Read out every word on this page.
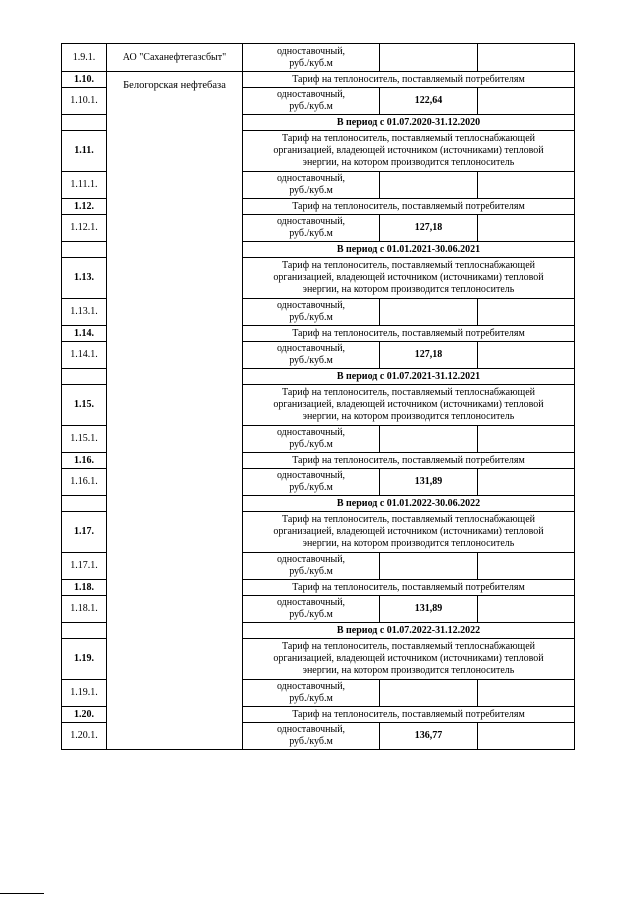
1.9.1.	АО "Саханефтегазсбыт"	одноставочный,
руб./куб.м		

1.10.	Белогорская нефтебаза	Тариф на теплоноситель, поставляемый потребителям		
1.10.1.		одноставочный,
руб./куб.м	122,64	
		В период с 01.07.2020-31.12.2020		
1.11.		Тариф на теплоноситель, поставляемый теплоснабжающей
организацией, владеющей источником (источниками) тепловой
энергии, на котором производится теплоноситель		

1.11.1.		одноставочный,
руб./куб.м		

1.12.		Тариф на теплоноситель, поставляемый потребителям		
1.12.1.		одноставочный,
руб./куб.м	127,18	
		В период с 01.01.2021-30.06.2021		
1.13.		Тариф на теплоноситель, поставляемый теплоснабжающей
организацией, владеющей источником (источниками) тепловой
энергии, на котором производится теплоноситель		

1.13.1.		одноставочный,
руб./куб.м		

1.14.		Тариф на теплоноситель, поставляемый потребителям		
1.14.1.		одноставочный,
руб./куб.м	127,18	
		В период с 01.07.2021-31.12.2021		
1.15.		Тариф на теплоноситель, поставляемый теплоснабжающей
организацией, владеющей источником (источниками) тепловой
энергии, на котором производится теплоноситель		

1.15.1.		одноставочный,
руб./куб.м		

1.16.		Тариф на теплоноситель, поставляемый потребителям		
1.16.1.		одноставочный,
руб./куб.м	131,89	
		В период с 01.01.2022-30.06.2022		
1.17.		Тариф на теплоноситель, поставляемый теплоснабжающей
организацией, владеющей источником (источниками) тепловой
энергии, на котором производится теплоноситель		

1.17.1.		одноставочный,
руб./куб.м		

1.18.		Тариф на теплоноситель, поставляемый потребителям		
1.18.1.		одноставочный,
руб./куб.м	131,89	
		В период с 01.07.2022-31.12.2022		
1.19.		Тариф на теплоноситель, поставляемый теплоснабжающей
организацией, владеющей источником (источниками) тепловой
энергии, на котором производится теплоноситель		

1.19.1.		одноставочный,
руб./куб.м		

1.20.		Тариф на теплоноситель, поставляемый потребителям		
1.20.1.		одноставочный,
руб./куб.м	136,77	
